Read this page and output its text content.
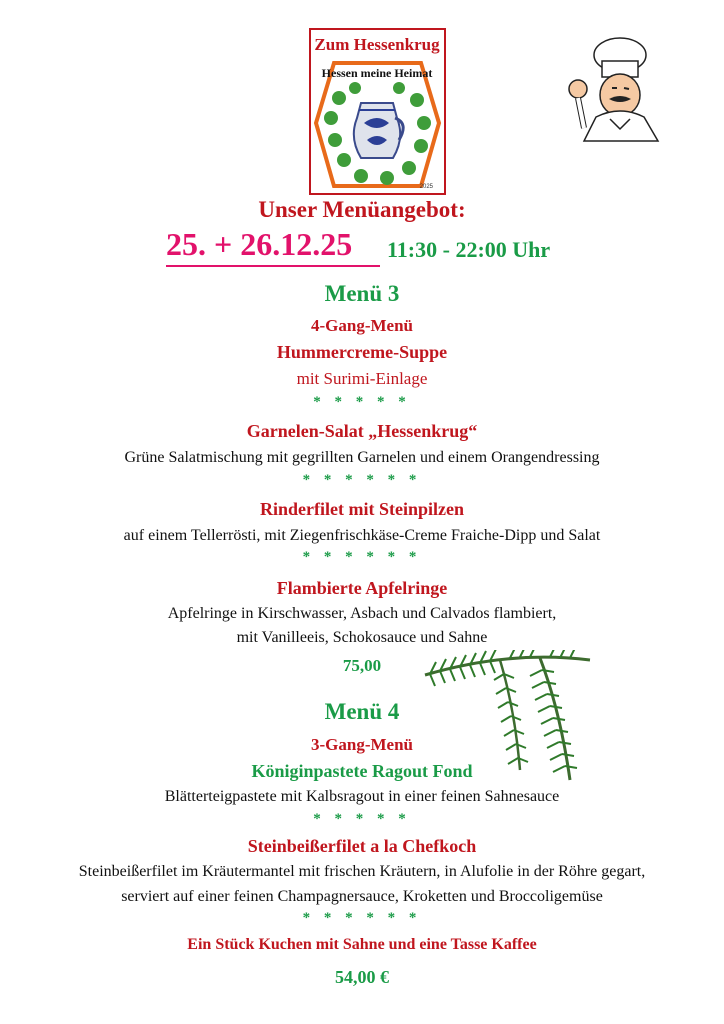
Zum Hessenkrug
Hessen meine Heimat
2025
Unser Menüangebot:
25. + 26.12.25 11:30 - 22:00 Uhr
Menü 3
4-Gang-Menü
Hummercreme-Suppe
mit Surimi-Einlage
* * * * *
Garnelen-Salat „Hessenkrug“
Grüne Salatmischung mit gegrillten Garnelen und einem Orangendressing
* * * * * *
Rinderfilet mit Steinpilzen
auf einem Tellerrösti, mit Ziegenfrischkäse-Creme Fraiche-Dipp und Salat
* * * * * *
Flambierte Apfelringe
Apfelringe in Kirschwasser, Asbach und Calvados flambiert,
mit Vanilleeis, Schokosauce und Sahne
75,00
Menü 4
3-Gang-Menü
Königinpastete Ragout Fond
Blätterteigpastete mit Kalbsragout in einer feinen Sahnesauce
* * * * *
Steinbeißerfilet a la Chefkoch
Steinbeißerfilet im Kräutermantel mit frischen Kräutern, in Alufolie in der Röhre gegart,
serviert auf einer feinen Champagnersauce, Kroketten und Broccoligemüse
* * * * * *
Ein Stück Kuchen mit Sahne und eine Tasse Kaffee
54,00 €
